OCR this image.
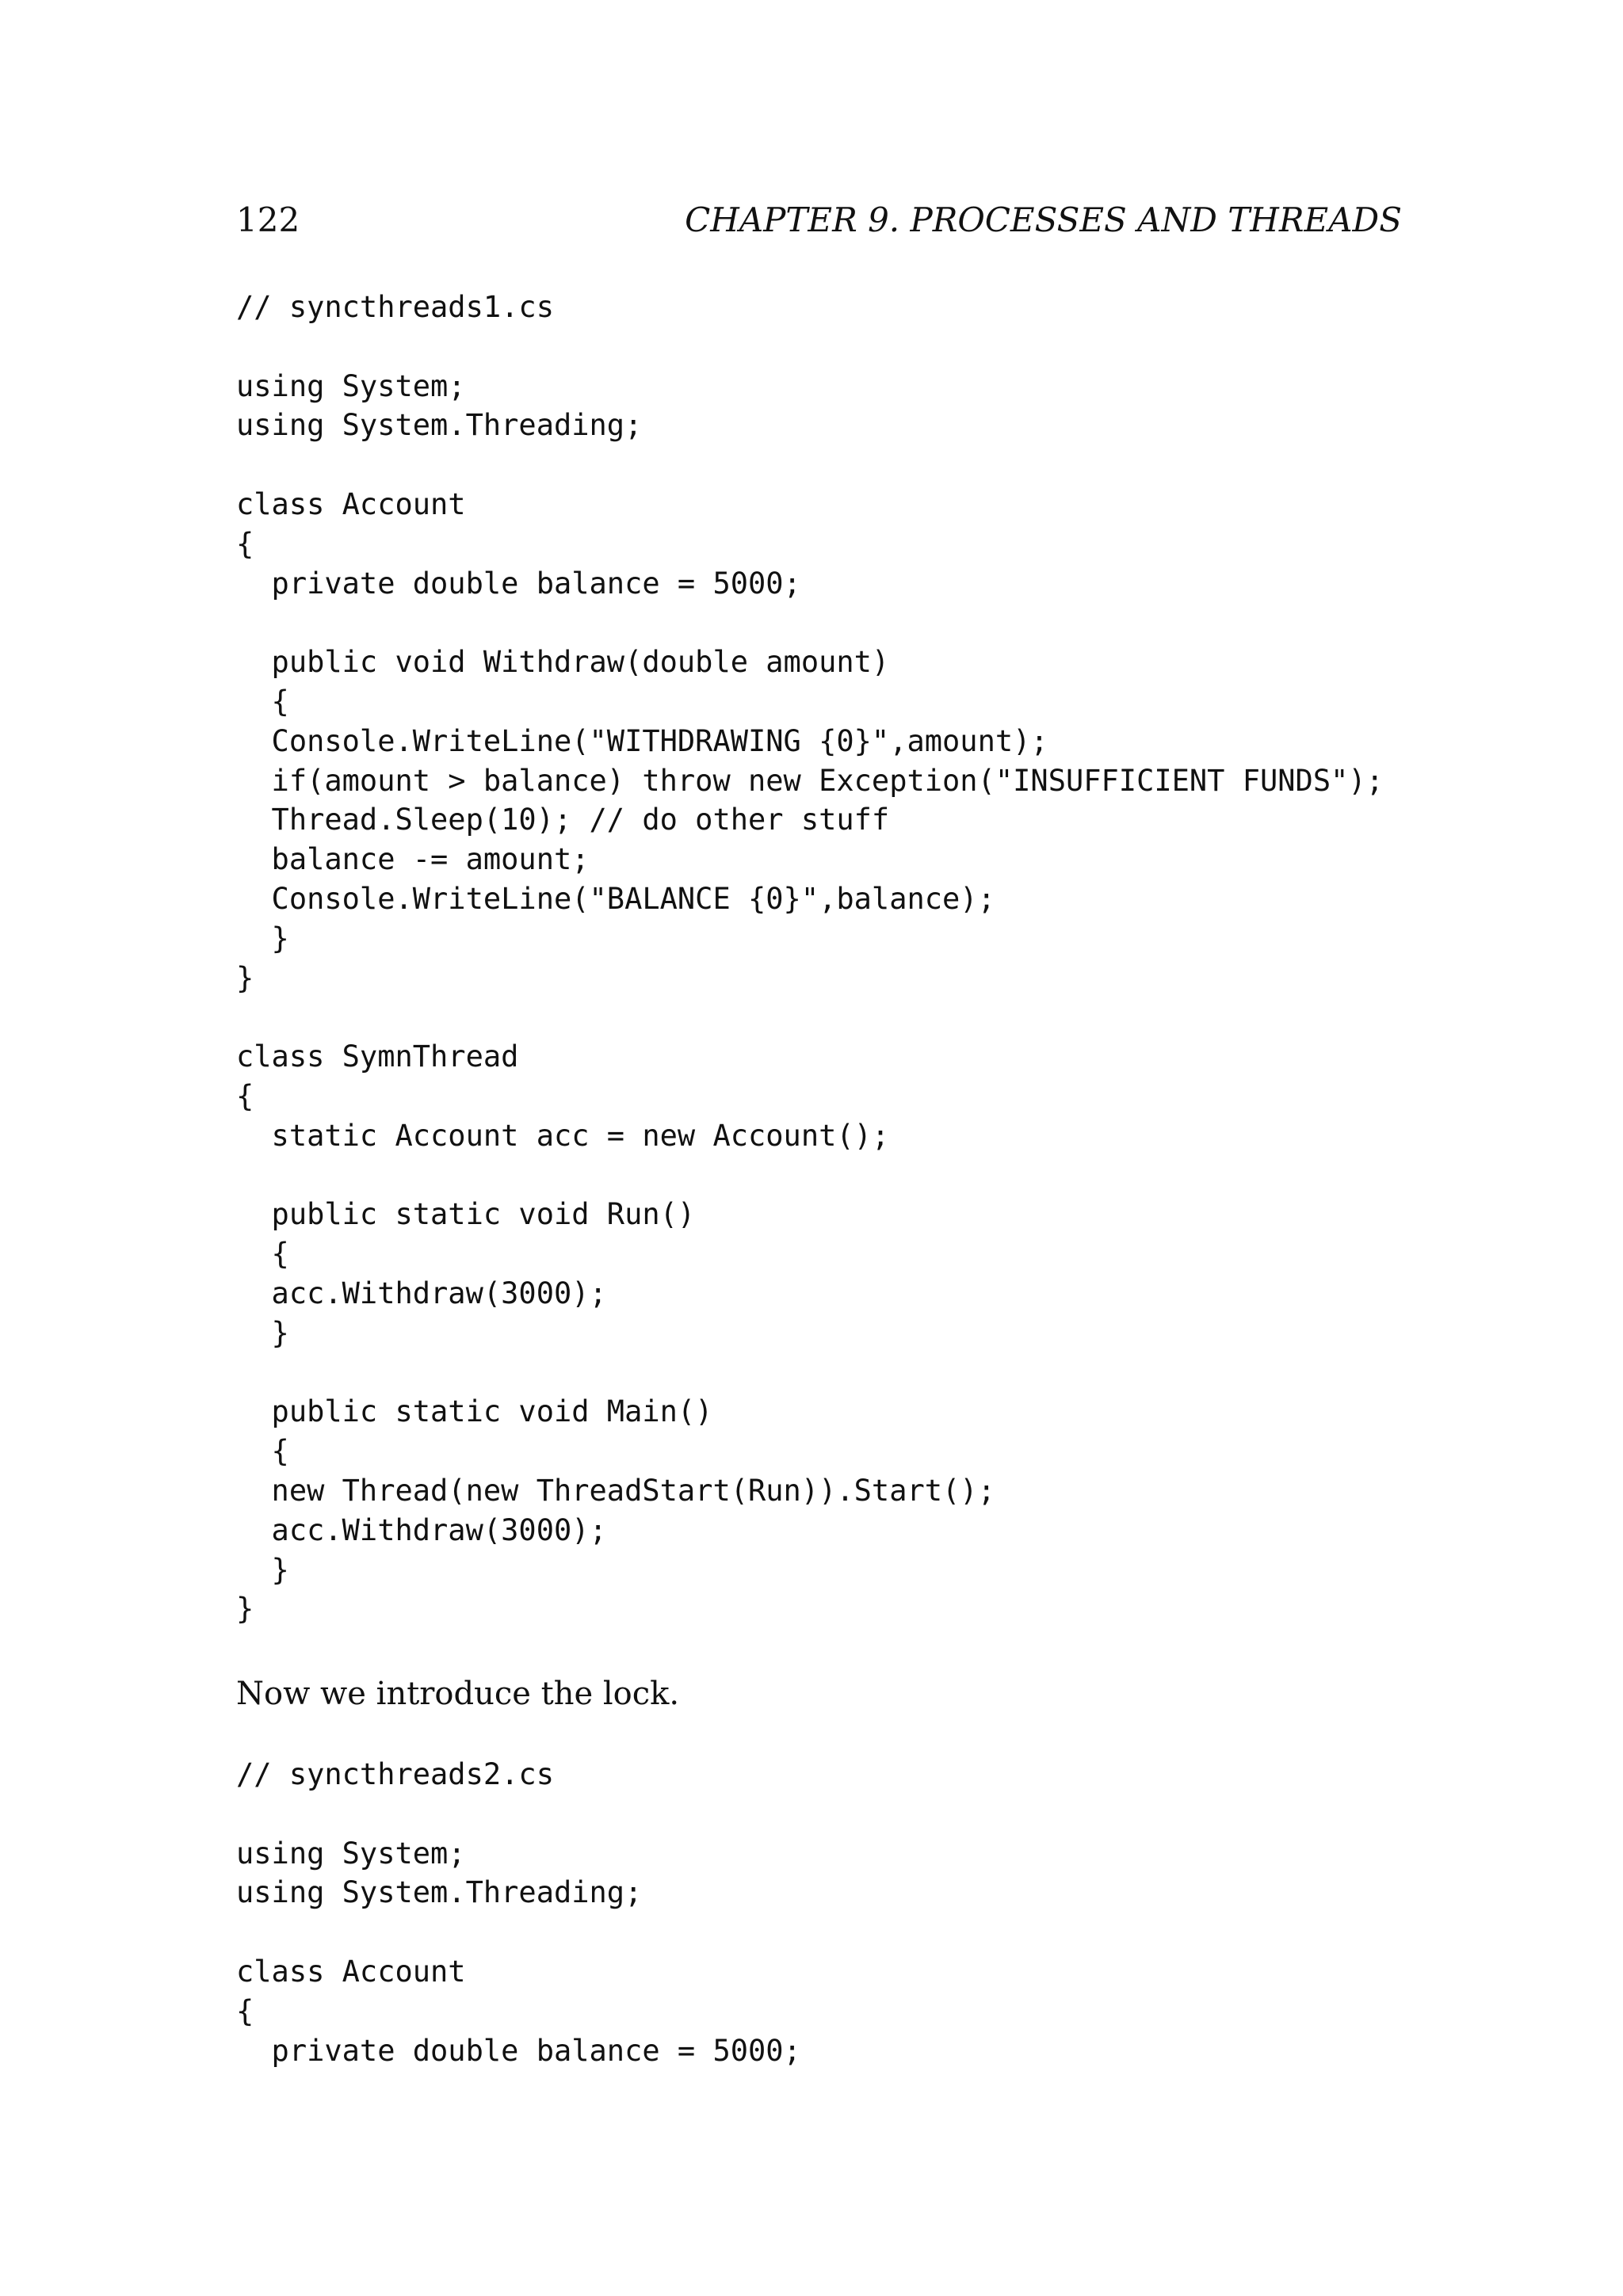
122	CHAPTER 9. PROCESSES AND THREADS
// syncthreads1.cs

using System;
using System.Threading;

class Account
{
private double balance = 5000;

public void Withdraw(double amount)
{
Console.WriteLine("WITHDRAWING {0}",amount);
if(amount > balance) throw new Exception("INSUFFICIENT FUNDS");
Thread.Sleep(10); // do other stuff
balance -= amount;
Console.WriteLine("BALANCE {0}",balance);
}
}

class SymnThread
{
static Account acc = new Account();

public static void Run()
{
acc.Withdraw(3000);
}

public static void Main()
{
new Thread(new ThreadStart(Run)).Start();
acc.Withdraw(3000);
}
}

Now we introduce the lock.

// syncthreads2.cs

using System;
using System.Threading;

class Account
{
private double balance = 5000;
